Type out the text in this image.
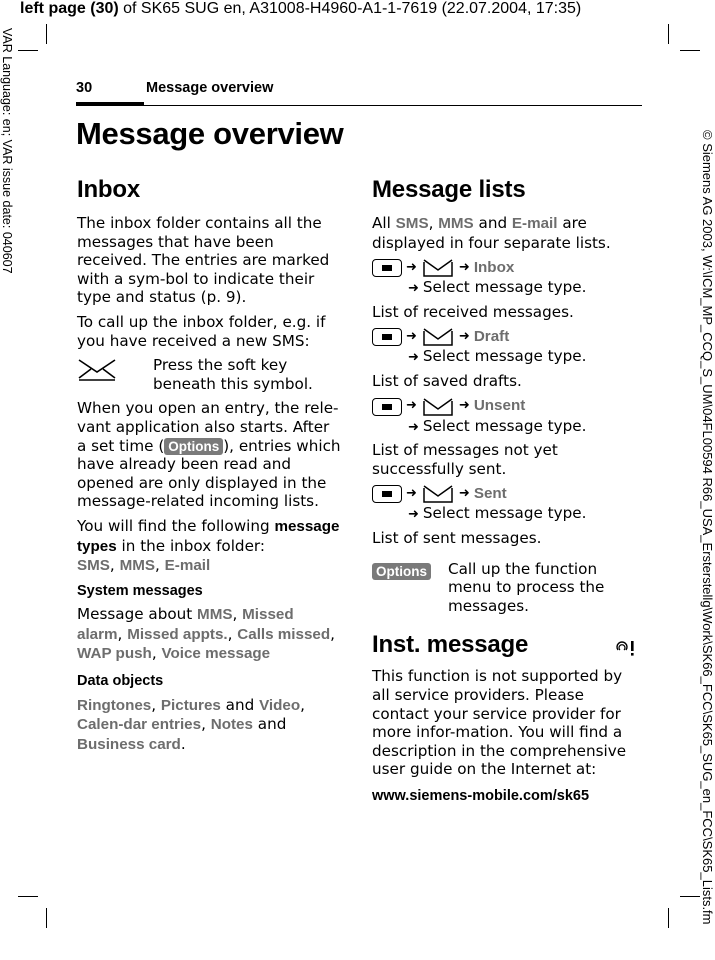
left page (30) of SK65 SUG en, A31008-H4960-A1-1-7619 (22.07.2004, 17:35)
VAR Language: en; VAR issue date: 040607	© Siemens AG 2003, W:\ICM_MP_CCQ_S_UM\04FL00594 R66_USA_Ersterstellg\Work\SK66_FCC\SK65_SUG_en_FCC\SK65_Lists.fm
30	Message overview
Message overview
Inbox

The inbox folder contains all the messages that have been received. The entries are marked with a sym-bol to indicate their type and status (p. 9).

To call up the inbox folder, e.g. if you have received a new SMS:

Press the soft key beneath this symbol.

When you open an entry, the rele-vant application also starts. After a set time ( Options ), entries which have already been read and opened are only displayed in the message-related incoming lists.

You will find the following message types in the inbox folder:
SMS, MMS, E-mail

System messages

Message about MMS, Missed alarm, Missed appts., Calls missed, WAP push, Voice message

Data objects

Ringtones, Pictures and Video, Calen-dar entries, Notes and Business card.

Message lists

All SMS, MMS and E-mail are displayed in four separate lists.

➜	➜ Inbox
➜ Select message type.

List of received messages.

➜	➜ Draft
➜ Select message type.

List of saved drafts.

➜	➜ Unsent
➜ Select message type.

List of messages not yet successfully sent.

➜	➜ Sent
➜ Select message type.

List of sent messages.

Options	Call up the function menu to process the messages.
Inst. message

This function is not supported by all service providers. Please contact your service provider for more infor-mation. You will find a description in the comprehensive user guide on the Internet at:

www.siemens-mobile.com/sk65
